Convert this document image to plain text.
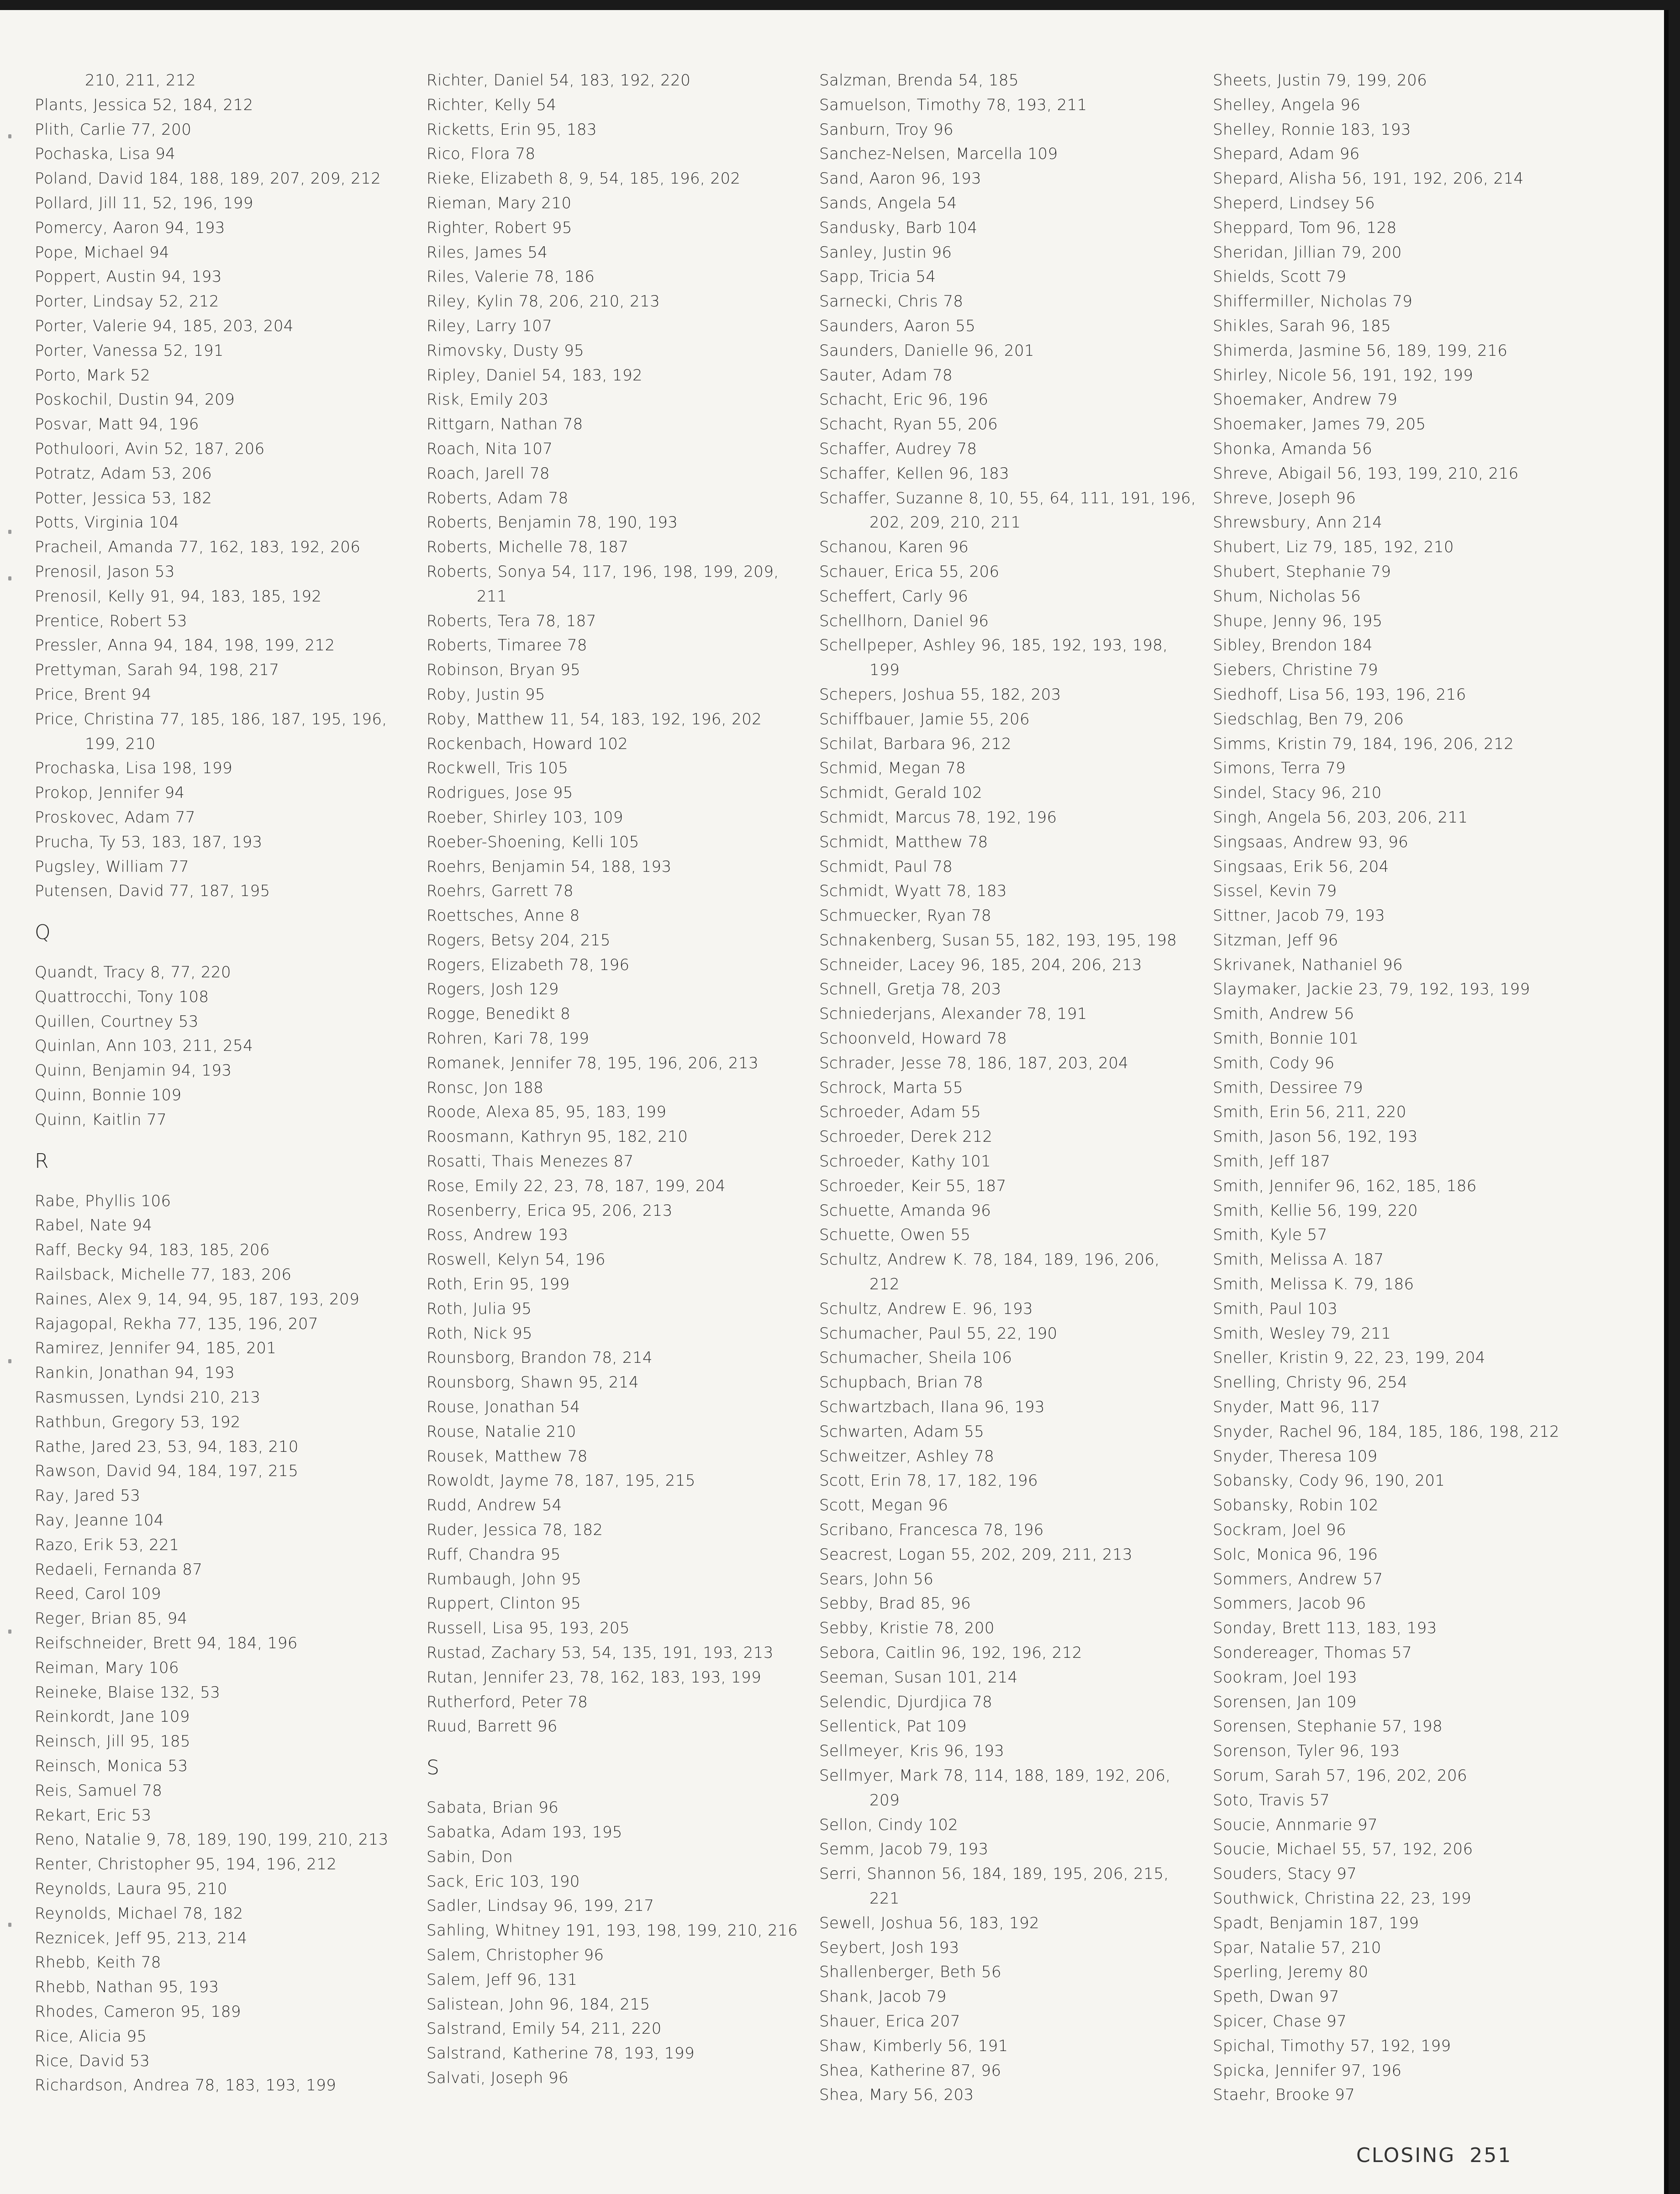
210, 211, 212
Plants, Jessica 52, 184, 212
Plith, Carlie 77, 200
Pochaska, Lisa 94
Poland, David 184, 188, 189, 207, 209, 212
Pollard, Jill 11, 52, 196, 199
Pomercy, Aaron 94, 193
Pope, Michael 94
Poppert, Austin 94, 193
Porter, Lindsay 52, 212
Porter, Valerie 94, 185, 203, 204
Porter, Vanessa 52, 191
Porto, Mark 52
Poskochil, Dustin 94, 209
Posvar, Matt 94, 196
Pothuloori, Avin 52, 187, 206
Potratz, Adam 53, 206
Potter, Jessica 53, 182
Potts, Virginia 104
Pracheil, Amanda 77, 162, 183, 192, 206
Prenosil, Jason 53
Prenosil, Kelly 91, 94, 183, 185, 192
Prentice, Robert 53
Pressler, Anna 94, 184, 198, 199, 212
Prettyman, Sarah 94, 198, 217
Price, Brent 94
Price, Christina 77, 185, 186, 187, 195, 196,
199, 210
Prochaska, Lisa 198, 199
Prokop, Jennifer 94
Proskovec, Adam 77
Prucha, Ty 53, 183, 187, 193
Pugsley, William 77
Putensen, David 77, 187, 195
Q
Quandt, Tracy 8, 77, 220
Quattrocchi, Tony 108
Quillen, Courtney 53
Quinlan, Ann 103, 211, 254
Quinn, Benjamin 94, 193
Quinn, Bonnie 109
Quinn, Kaitlin 77
R
Rabe, Phyllis 106
Rabel, Nate 94
Raff, Becky 94, 183, 185, 206
Railsback, Michelle 77, 183, 206
Raines, Alex 9, 14, 94, 95, 187, 193, 209
Rajagopal, Rekha 77, 135, 196, 207
Ramirez, Jennifer 94, 185, 201
Rankin, Jonathan 94, 193
Rasmussen, Lyndsi 210, 213
Rathbun, Gregory 53, 192
Rathe, Jared 23, 53, 94, 183, 210
Rawson, David 94, 184, 197, 215
Ray, Jared 53
Ray, Jeanne 104
Razo, Erik 53, 221
Redaeli, Fernanda 87
Reed, Carol 109
Reger, Brian 85, 94
Reifschneider, Brett 94, 184, 196
Reiman, Mary 106
Reineke, Blaise 132, 53
Reinkordt, Jane 109
Reinsch, Jill 95, 185
Reinsch, Monica 53
Reis, Samuel 78
Rekart, Eric 53
Reno, Natalie 9, 78, 189, 190, 199, 210, 213
Renter, Christopher 95, 194, 196, 212
Reynolds, Laura 95, 210
Reynolds, Michael 78, 182
Reznicek, Jeff 95, 213, 214
Rhebb, Keith 78
Rhebb, Nathan 95, 193
Rhodes, Cameron 95, 189
Rice, Alicia 95
Rice, David 53
Richardson, Andrea 78, 183, 193, 199
Richter, Daniel 54, 183, 192, 220
Richter, Kelly 54
Ricketts, Erin 95, 183
Rico, Flora 78
Rieke, Elizabeth 8, 9, 54, 185, 196, 202
Rieman, Mary 210
Righter, Robert 95
Riles, James 54
Riles, Valerie 78, 186
Riley, Kylin 78, 206, 210, 213
Riley, Larry 107
Rimovsky, Dusty 95
Ripley, Daniel 54, 183, 192
Risk, Emily 203
Rittgarn, Nathan 78
Roach, Nita 107
Roach, Jarell 78
Roberts, Adam 78
Roberts, Benjamin 78, 190, 193
Roberts, Michelle 78, 187
Roberts, Sonya 54, 117, 196, 198, 199, 209,
211
Roberts, Tera 78, 187
Roberts, Timaree 78
Robinson, Bryan 95
Roby, Justin 95
Roby, Matthew 11, 54, 183, 192, 196, 202
Rockenbach, Howard 102
Rockwell, Tris 105
Rodrigues, Jose 95
Roeber, Shirley 103, 109
Roeber-Shoening, Kelli 105
Roehrs, Benjamin 54, 188, 193
Roehrs, Garrett 78
Roettsches, Anne 8
Rogers, Betsy 204, 215
Rogers, Elizabeth 78, 196
Rogers, Josh 129
Rogge, Benedikt 8
Rohren, Kari 78, 199
Romanek, Jennifer 78, 195, 196, 206, 213
Ronsc, Jon 188
Roode, Alexa 85, 95, 183, 199
Roosmann, Kathryn 95, 182, 210
Rosatti, Thais Menezes 87
Rose, Emily 22, 23, 78, 187, 199, 204
Rosenberry, Erica 95, 206, 213
Ross, Andrew 193
Roswell, Kelyn 54, 196
Roth, Erin 95, 199
Roth, Julia 95
Roth, Nick 95
Rounsborg, Brandon 78, 214
Rounsborg, Shawn 95, 214
Rouse, Jonathan 54
Rouse, Natalie 210
Rousek, Matthew 78
Rowoldt, Jayme 78, 187, 195, 215
Rudd, Andrew 54
Ruder, Jessica 78, 182
Ruff, Chandra 95
Rumbaugh, John 95
Ruppert, Clinton 95
Russell, Lisa 95, 193, 205
Rustad, Zachary 53, 54, 135, 191, 193, 213
Rutan, Jennifer 23, 78, 162, 183, 193, 199
Rutherford, Peter 78
Ruud, Barrett 96
S
Sabata, Brian 96
Sabatka, Adam 193, 195
Sabin, Don
Sack, Eric 103, 190
Sadler, Lindsay 96, 199, 217
Sahling, Whitney 191, 193, 198, 199, 210, 216
Salem, Christopher 96
Salem, Jeff 96, 131
Salistean, John 96, 184, 215
Salstrand, Emily 54, 211, 220
Salstrand, Katherine 78, 193, 199
Salvati, Joseph 96
Salzman, Brenda 54, 185
Samuelson, Timothy 78, 193, 211
Sanburn, Troy 96
Sanchez-Nelsen, Marcella 109
Sand, Aaron 96, 193
Sands, Angela 54
Sandusky, Barb 104
Sanley, Justin 96
Sapp, Tricia 54
Sarnecki, Chris 78
Saunders, Aaron 55
Saunders, Danielle 96, 201
Sauter, Adam 78
Schacht, Eric 96, 196
Schacht, Ryan 55, 206
Schaffer, Audrey 78
Schaffer, Kellen 96, 183
Schaffer, Suzanne 8, 10, 55, 64, 111, 191, 196,
202, 209, 210, 211
Schanou, Karen 96
Schauer, Erica 55, 206
Scheffert, Carly 96
Schellhorn, Daniel 96
Schellpeper, Ashley 96, 185, 192, 193, 198,
199
Schepers, Joshua 55, 182, 203
Schiffbauer, Jamie 55, 206
Schilat, Barbara 96, 212
Schmid, Megan 78
Schmidt, Gerald 102
Schmidt, Marcus 78, 192, 196
Schmidt, Matthew 78
Schmidt, Paul 78
Schmidt, Wyatt 78, 183
Schmuecker, Ryan 78
Schnakenberg, Susan 55, 182, 193, 195, 198
Schneider, Lacey 96, 185, 204, 206, 213
Schnell, Gretja 78, 203
Schniederjans, Alexander 78, 191
Schoonveld, Howard 78
Schrader, Jesse 78, 186, 187, 203, 204
Schrock, Marta 55
Schroeder, Adam 55
Schroeder, Derek 212
Schroeder, Kathy 101
Schroeder, Keir 55, 187
Schuette, Amanda 96
Schuette, Owen 55
Schultz, Andrew K. 78, 184, 189, 196, 206,
212
Schultz, Andrew E. 96, 193
Schumacher, Paul 55, 22, 190
Schumacher, Sheila 106
Schupbach, Brian 78
Schwartzbach, Ilana 96, 193
Schwarten, Adam 55
Schweitzer, Ashley 78
Scott, Erin 78, 17, 182, 196
Scott, Megan 96
Scribano, Francesca 78, 196
Seacrest, Logan 55, 202, 209, 211, 213
Sears, John 56
Sebby, Brad 85, 96
Sebby, Kristie 78, 200
Sebora, Caitlin 96, 192, 196, 212
Seeman, Susan 101, 214
Selendic, Djurdjica 78
Sellentick, Pat 109
Sellmeyer, Kris 96, 193
Sellmyer, Mark 78, 114, 188, 189, 192, 206,
209
Sellon, Cindy 102
Semm, Jacob 79, 193
Serri, Shannon 56, 184, 189, 195, 206, 215,
221
Sewell, Joshua 56, 183, 192
Seybert, Josh 193
Shallenberger, Beth 56
Shank, Jacob 79
Shauer, Erica 207
Shaw, Kimberly 56, 191
Shea, Katherine 87, 96
Shea, Mary 56, 203
Sheets, Justin 79, 199, 206
Shelley, Angela 96
Shelley, Ronnie 183, 193
Shepard, Adam 96
Shepard, Alisha 56, 191, 192, 206, 214
Sheperd, Lindsey 56
Sheppard, Tom 96, 128
Sheridan, Jillian 79, 200
Shields, Scott 79
Shiffermiller, Nicholas 79
Shikles, Sarah 96, 185
Shimerda, Jasmine 56, 189, 199, 216
Shirley, Nicole 56, 191, 192, 199
Shoemaker, Andrew 79
Shoemaker, James 79, 205
Shonka, Amanda 56
Shreve, Abigail 56, 193, 199, 210, 216
Shreve, Joseph 96
Shrewsbury, Ann 214
Shubert, Liz 79, 185, 192, 210
Shubert, Stephanie 79
Shum, Nicholas 56
Shupe, Jenny 96, 195
Sibley, Brendon 184
Siebers, Christine 79
Siedhoff, Lisa 56, 193, 196, 216
Siedschlag, Ben 79, 206
Simms, Kristin 79, 184, 196, 206, 212
Simons, Terra 79
Sindel, Stacy 96, 210
Singh, Angela 56, 203, 206, 211
Singsaas, Andrew 93, 96
Singsaas, Erik 56, 204
Sissel, Kevin 79
Sittner, Jacob 79, 193
Sitzman, Jeff 96
Skrivanek, Nathaniel 96
Slaymaker, Jackie 23, 79, 192, 193, 199
Smith, Andrew 56
Smith, Bonnie 101
Smith, Cody 96
Smith, Dessiree 79
Smith, Erin 56, 211, 220
Smith, Jason 56, 192, 193
Smith, Jeff 187
Smith, Jennifer 96, 162, 185, 186
Smith, Kellie 56, 199, 220
Smith, Kyle 57
Smith, Melissa A. 187
Smith, Melissa K. 79, 186
Smith, Paul 103
Smith, Wesley 79, 211
Sneller, Kristin 9, 22, 23, 199, 204
Snelling, Christy 96, 254
Snyder, Matt 96, 117
Snyder, Rachel 96, 184, 185, 186, 198, 212
Snyder, Theresa 109
Sobansky, Cody 96, 190, 201
Sobansky, Robin 102
Sockram, Joel 96
Solc, Monica 96, 196
Sommers, Andrew 57
Sommers, Jacob 96
Sonday, Brett 113, 183, 193
Sondereager, Thomas 57
Sookram, Joel 193
Sorensen, Jan 109
Sorensen, Stephanie 57, 198
Sorenson, Tyler 96, 193
Sorum, Sarah 57, 196, 202, 206
Soto, Travis 57
Soucie, Annmarie 97
Soucie, Michael 55, 57, 192, 206
Souders, Stacy 97
Southwick, Christina 22, 23, 199
Spadt, Benjamin 187, 199
Spar, Natalie 57, 210
Sperling, Jeremy 80
Speth, Dwan 97
Spicer, Chase 97
Spichal, Timothy 57, 192, 199
Spicka, Jennifer 97, 196
Staehr, Brooke 97
CLOSING 251
